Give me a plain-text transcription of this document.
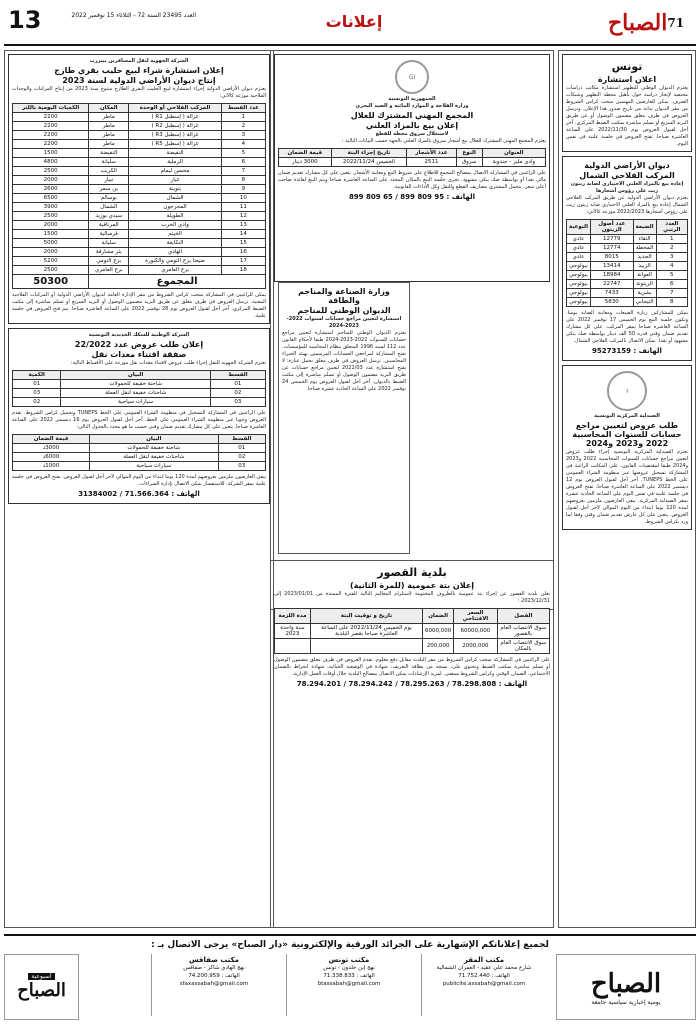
13	العدد 23495 السنة 72 - الثلاثاء 15 نوفمبر 2022	إعلانات	71
الصباح
تونس
اعلان استشارة
يعتزم الديوان الوطني للتطهير استشارة مكاتب دراسات مختصة لإنجاز دراسة حول تأهيل محطة التطهير وشبكات الصرف. يمكن للعارضين المهتمين سحب كراس الشروط من مقر الديوان بداية من تاريخ صدور هذا الإعلان. وترسل العروض في ظرف مغلق مضمون الوصول أو عن طريق البريد السريع أو تسلم مباشرة بمكتب الضبط المركزي. آخر أجل لقبول العروض يوم 2022/11/30 على الساعة العاشرة صباحا. تفتح العروض في جلسة علنية في نفس اليوم.
ديوان الأراضي الدولية
المركب الفلاحي الشمال
إعادة بيع بالمزاد العلني الاختياري لصابة زيتون زيت على رؤوس أشجارها
يعتزم ديوان الأراضي الدولية عن طريق المركب الفلاحي الشمال إعادة بيع بالمزاد العلني الاختياري صابة زيتون زيت على رؤوس أشجارها 2022/2023 موزعة كالآتي:
العدد الرتبي	الضيعة	عدد أصول الزيتون	النوعية
1	التقاء	12779	عادي
2	المحطة	12774	عادي
3	الجديد	8015	عادي
4	الزبيد	13414	بيولوجي
5	العوانة	18984	بيولوجي
6	الزيتونة	22747	بيولوجي
7	بشرية	7433	بيولوجي
8	التيجاني	5830	بيولوجي
يمكن للمشاركين زيارة الضيعات ومعاينة الصابة يوميا. وتكون جلسة البيع يوم الخميس 17 نوفمبر 2022 على الساعة العاشرة صباحا بمقر المركب. على كل مشارك تقديم ضمان وقتي قدره 50 ألف دينار بواسطة صك بنكي مشهود أو نقدا. يمكن الاتصال بالمركب الفلاحي الشمال.
الهاتف : 95273159
⚕
الصيدلية المركزية التونسية
طلب عروض لتعيين مراجع حسابات للسنوات المحاسبية 2022 و2023 و2024
تعتزم الصيدلية المركزية التونسية إجراء طلب عروض لتعيين مراجع حسابات للسنوات المحاسبية 2022 و2023 و2024 طبقا لمقتضيات القانون. على المكاتب الراغبة في المشاركة تسجيل عروضها عبر منظومة الشراء العمومي على الخط TUNEPS. آخر أجل لقبول العروض يوم 12 ديسمبر 2022 على الساعة العاشرة صباحا. تفتح العروض في جلسة علنية في نفس اليوم على الساعة الحادية عشرة بمقر الصيدلية المركزية. يبقى العارضون ملزمين بعروضهم لمدة 120 يوما ابتداء من اليوم الموالي لآخر أجل لقبول العروض. يتعين على كل عارض تقديم ضمان وقتي وفقا لما ورد بكراس الشروط.
GI
الجمهورية التونسية
وزارة الفلاحة و الموارد المائية و الصيد البحري
المجمع المهني المشترك للغلال
إعلان بيع بالمزاد العلني
لاستغلال سروق محطة للقطع
يعتزم المجمع المهني المشترك للغلال بيع أشجار سروق بالمزاد العلني بالجهة حسب البيانات التالية :
العنوان	النوع	عدد الأشجار	تاريخ إجراء البتة	قيمة الضمان
وادي مليز - جندوبة	سروق	2511	الخميس 2022/11/24	3000 دينار
على الراغبين في المشاركة الاتصال بمصالح المجمع للاطلاع على شروط البيع ومعاينة الأشجار. يتعين على كل مشارك تقديم ضمان مالي نقدا أو بواسطة صك بنكي مشهود. تجرى جلسة البيع بالمكان المحدد على الساعة العاشرة صباحا ويتم البيع لفائدة صاحب أعلى سعر. يتحمل المشتري مصاريف القطع والنقل وكل الأداءات القانونية.
الهاتف : 95 809 899 / 65 809 899
وزارة الصناعة والمناجم والطاقة
الديوان الوطني للمناجم
استشارة لتعيين مراجع حسابات لسنوات 2022-2023-2024
يعتزم الديوان الوطني للمناجم استشارة لتعيين مراجع حسابات للسنوات 2022-2023-2024 طبقا لأحكام القانون عدد 112 لسنة 1996 المتعلق بنظام المحاسبة للمؤسسات. تفتح المشاركة لمراجعي الحسابات المرسمين بهيئة الخبراء المحاسبين. ترسل العروض في ظرف مغلق يحمل عبارة: لا يفتح استشارة عدد 2022/03 لتعيين مراجع حسابات عن طريق البريد مضمون الوصول أو تسلم مباشرة إلى مكتب الضبط بالديوان. آخر أجل لقبول العروض يوم الخميس 24 نوفمبر 2022 على الساعة الحادية عشرة صباحا.
بلدية القصور
إعلان بتة عمومية (للمرة الثانية)
تعلن بلدية القصور عن إجراء بتة عمومية بالظروف المختومة لاستلزام المعاليم التالية للفترة الممتدة من 2023/01/01 إلى 2023/12/31 :
الفصل	السعر الافتتاحي	الضمان	تاريخ و توقيت البتة	مدة اللزمة
سوق الانتصاب العام بالقصور	60000,000	6000,000	يوم الخميس 2022/11/24 على الساعة العاشرة صباحا بقصر البلدية	سنة واحدة 2023
سوق الانتصاب العام بالمكان	2000,000	200,000		
على الراغبين في المشاركة سحب كراس الشروط من مقر البلدية مقابل دفع معلوم. تقدم العروض في ظرف مغلق مضمون الوصول أو تسلم مباشرة بمكتب الضبط وتحتوي على: نسخة من بطاقة التعريف، شهادة في الوضعية الجبائية، شهادة انخراط بالضمان الاجتماعي، الضمان الوقتي وكراس الشروط ممضى. لمزيد الإرشادات يمكن الاتصال بمصالح البلدية خلال أوقات العمل الإدارية.
الهاتف : 78.298.808 / 78.295.263 / 78.294.242 / 78.294.201
الشركة الجهوية لنقل المسافرين ببنزرت
إعلان استشارة شراء لبيع حليب بقري طازج
إنتاج ديوان الأراضي الدولية لسنة 2023
يعتزم ديوان الأراضي الدولية إجراء استشارة لبيع الحليب البقري الطازج منتوج سنة 2023 من إنتاج المركبات والوحدات الفلاحية موزعة كالآتي:
عدد القسط	المركب الفلاحي أو الوحدة	المكان	الكميات اليومية باللتر
1	غزالة ( إسطبل R1 )	ماطر	2200
2	غزالة ( إسطبل R2 )	ماطر	2200
3	غزالة ( إسطبل R3 )	ماطر	2200
4	غزالة ( إسطبل R5 )	ماطر	2200
5	النفيضة	النفيضة	1500
6	الرملية	سليانة	4800
7	محسن ليمام	الكريب	2500
8	غيار	تيبار	2000
9	بتوينة	بن سمر	2600
10	الشمال	بوسالم	6500
11	المحرجون	الشمال	3900
12	الطويلة	سيدي بوزيد	2500
13	وادي الخرب	المرناقية	2000
14	الخيتم	قرمبالية	1500
15	التكايعة	سليانة	5000
16	الهادي	بئر مشارقة	2000
17	ضيعتا برج التومي والكنورة	برج التومي	5200
18	برج العامري	برج العامري	2500
المجموع			50300
يمكن للراغبين في المشاركة سحب كراس الشروط من مقر الإدارة العامة لديوان الأراضي الدولية أو المركبات الفلاحية المعنية. ترسل العروض في ظرف مغلق عن طريق البريد مضمون الوصول أو البريد السريع أو تسلم مباشرة إلى مكتب الضبط المركزي. آخر أجل لقبول العروض يوم 28 نوفمبر 2022 على الساعة العاشرة صباحا. يتم فتح العروض في جلسة علنية.
الشركة الوطنية للسكك الحديدية التونسية
إعلان طلب عروض عدد 22/2022
صفقة اقتناء معدات نقل
تعتزم الشركة الجهوية للنقل إجراء طلب عروض لاقتناء معدات نقل موزعة على الأقساط التالية:
القسط	البيان	الكمية
01	شاحنة خفيفة للحمولات	01
02	شاحنات خفيفة لنقل العملة	03
03	سيارات سياحية	02
على الراغبين في المشاركة التسجيل في منظومة الشراء العمومي على الخط TUNEPS وتحميل كراس الشروط. تقدم العروض وجوبا عبر منظومة الشراء العمومي على الخط. آخر أجل لقبول العروض يوم 16 ديسمبر 2022 على الساعة العاشرة صباحا. يتعين على كل مشارك تقديم ضمان وقتي حسب ما هو محدد بالجدول التالي:
القسط	البيان	قيمة الضمان
01	شاحنة خفيفة للحمولات	3000د
02	شاحنات خفيفة لنقل العملة	6000د
03	سيارات سياحية	1000د
يبقى العارضون ملزمين بعروضهم لمدة 120 يوما ابتداء من اليوم الموالي لآخر أجل لقبول العروض. تفتح العروض في جلسة علنية بمقر الشركة. للاستفسار يمكن الاتصال بإدارة الشراءات.
الهاتف : 71.566.364 / 31384002
لجميع إعلاناتكم الإشهارية على الجرائد الورقية والإلكترونية «دار الصباح» يرجى الاتصال بـ :
الصباح
يومية إخبارية سياسية جامعة
مكتب المقر
شارع محمد علي عقيد - العمران الشمالية
الهاتف : 71.752.440
publicite.assabah@gmail.com
مكتب تونس
نهج إبن خلدون - تونس
الهاتف : 71.338.833
btassabah@gmail.com
مكتب صفاقس
نهج الهادي شاكر - صفاقس
الهاتف : 74.200.959
sfaxassabah@gmail.com
أسبوعية
الصباح
